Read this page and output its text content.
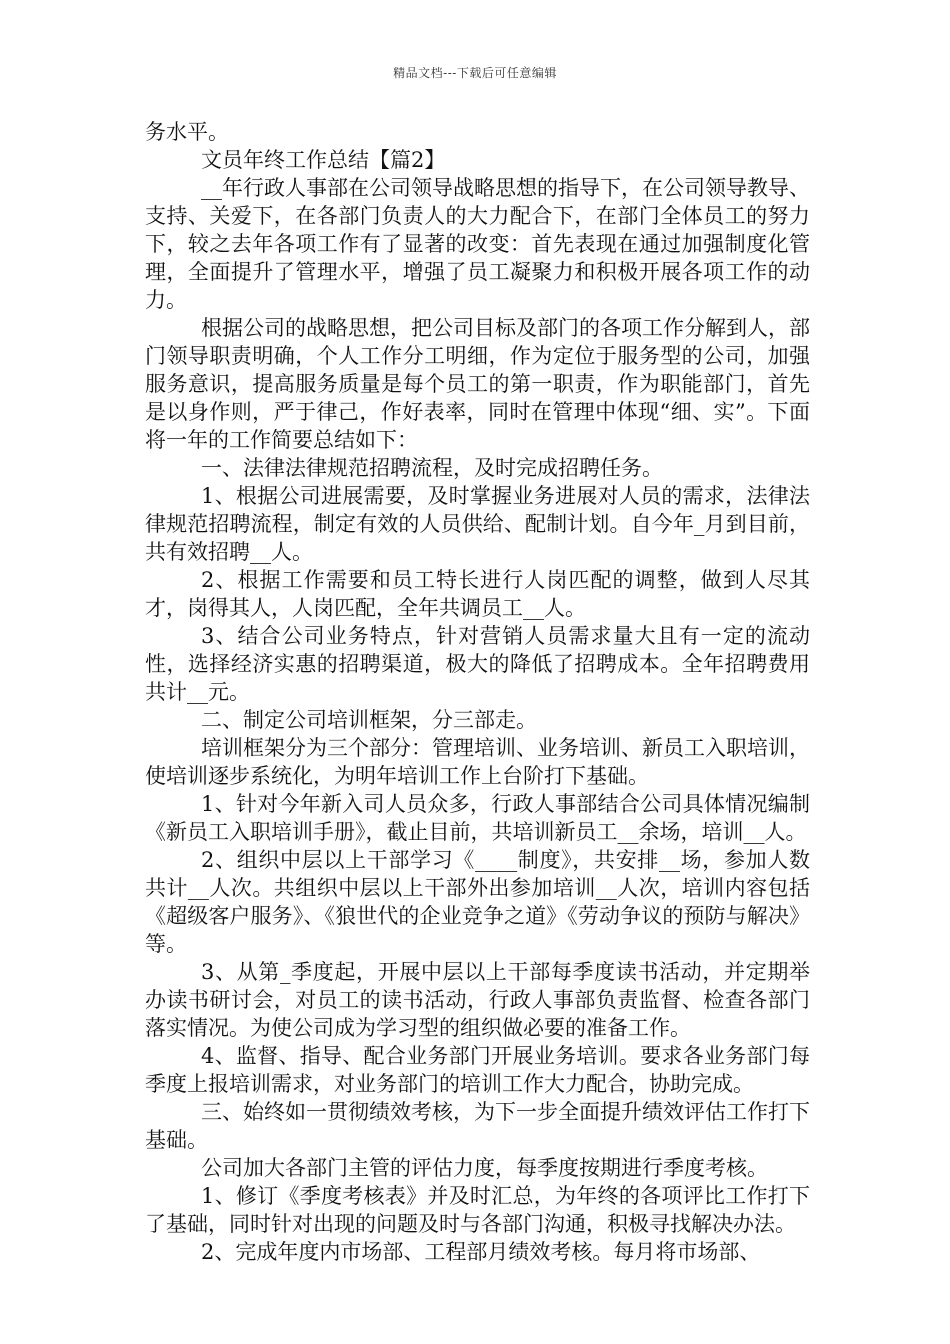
精品文档---下载后可任意编辑

务水平。

文员年终工作总结【篇2】

__年行政人事部在公司领导战略思想的指导下，在公司领导教导、支持、关爱下，在各部门负责人的大力配合下，在部门全体员工的努力下，较之去年各项工作有了显著的改变：首先表现在通过加强制度化管理，全面提升了管理水平，增强了员工凝聚力和积极开展各项工作的动力。

根据公司的战略思想，把公司目标及部门的各项工作分解到人，部门领导职责明确，个人工作分工明细，作为定位于服务型的公司，加强服务意识，提高服务质量是每个员工的第一职责，作为职能部门，首先是以身作则，严于律己，作好表率，同时在管理中体现“细、实”。下面将一年的工作简要总结如下：

一、法律法律规范招聘流程，及时完成招聘任务。

1、根据公司进展需要，及时掌握业务进展对人员的需求，法律法律规范招聘流程，制定有效的人员供给、配制计划。自今年_月到目前，共有效招聘__人。

2、根据工作需要和员工特长进行人岗匹配的调整，做到人尽其才，岗得其人，人岗匹配，全年共调员工__人。

3、结合公司业务特点，针对营销人员需求量大且有一定的流动性，选择经济实惠的招聘渠道，极大的降低了招聘成本。全年招聘费用共计__元。

二、制定公司培训框架，分三部走。

培训框架分为三个部分：管理培训、业务培训、新员工入职培训，使培训逐步系统化，为明年培训工作上台阶打下基础。

1、针对今年新入司人员众多，行政人事部结合公司具体情况编制《新员工入职培训手册》，截止目前，共培训新员工__余场，培训__人。

2、组织中层以上干部学习《____制度》，共安排__场，参加人数共计__人次。共组织中层以上干部外出参加培训__人次，培训内容包括《超级客户服务》、《狼世代的企业竞争之道》《劳动争议的预防与解决》等。

3、从第_季度起，开展中层以上干部每季度读书活动，并定期举办读书研讨会，对员工的读书活动，行政人事部负责监督、检查各部门落实情况。为使公司成为学习型的组织做必要的准备工作。

4、监督、指导、配合业务部门开展业务培训。要求各业务部门每季度上报培训需求，对业务部门的培训工作大力配合，协助完成。

三、始终如一贯彻绩效考核，为下一步全面提升绩效评估工作打下基础。

公司加大各部门主管的评估力度，每季度按期进行季度考核。

1、修订《季度考核表》并及时汇总，为年终的各项评比工作打下了基础，同时针对出现的问题及时与各部门沟通，积极寻找解决办法。

2、完成年度内市场部、工程部月绩效考核。每月将市场部、
